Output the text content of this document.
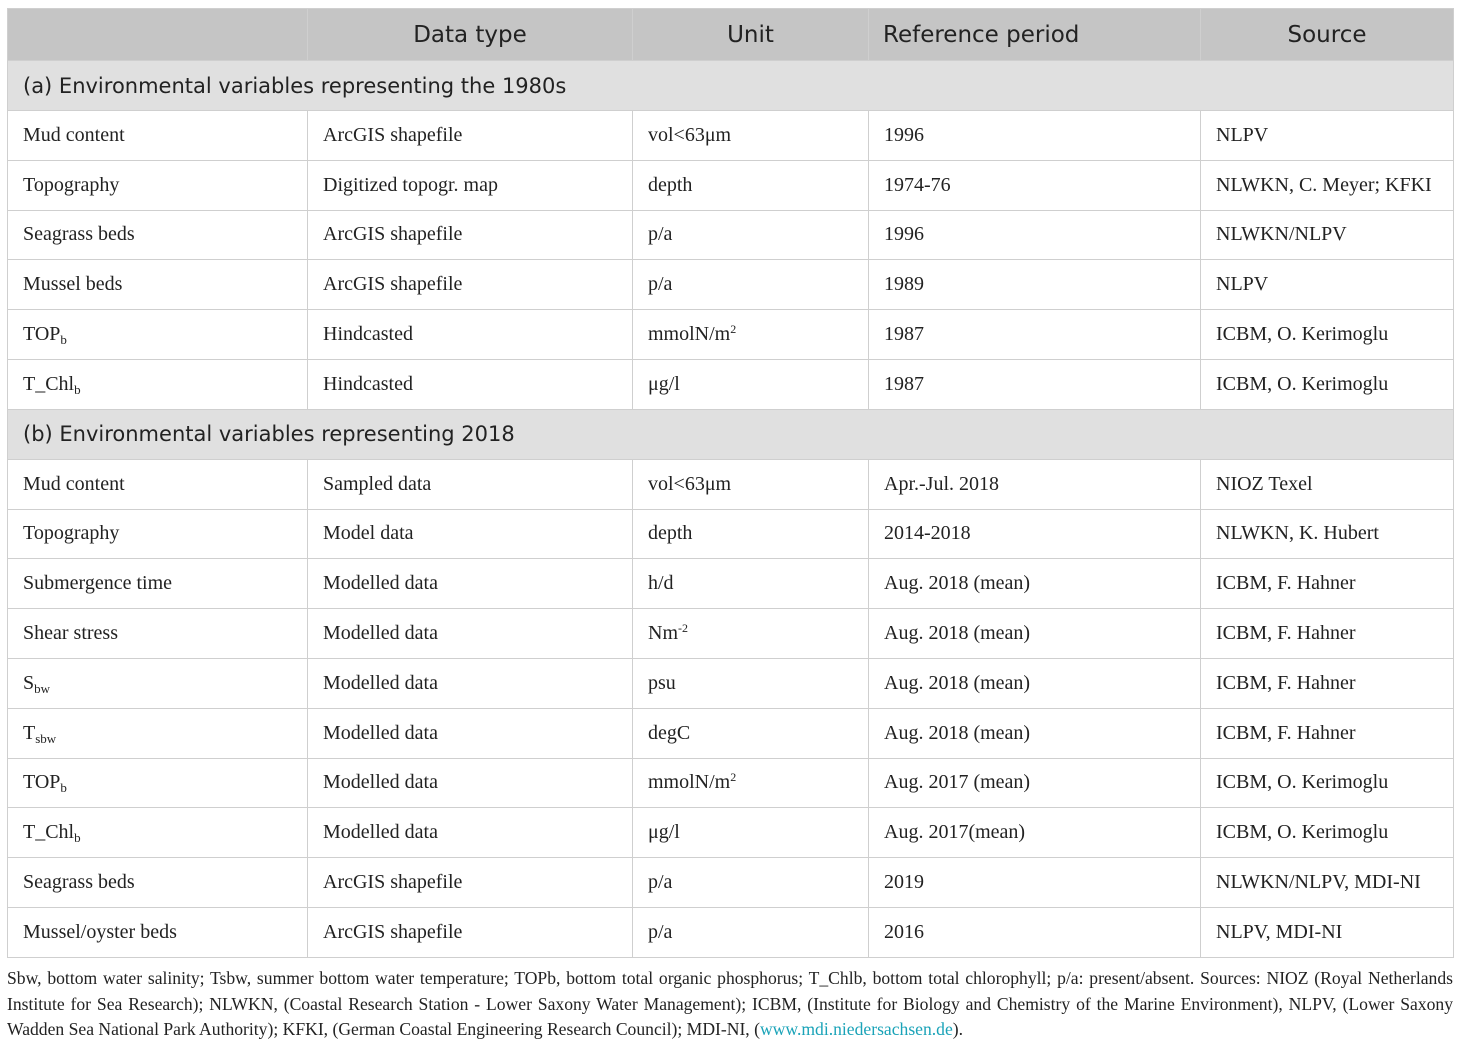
	Data type	Unit	Reference period	Source
(a) Environmental variables representing the 1980s				
Mud content	ArcGIS shapefile	vol<63μm	1996	NLPV
Topography	Digitized topogr. map	depth	1974-76	NLWKN, C. Meyer; KFKI
Seagrass beds	ArcGIS shapefile	p/a	1996	NLWKN/NLPV
Mussel beds	ArcGIS shapefile	p/a	1989	NLPV
$TOP_b$	Hindcasted	mmolN/$m^2$	1987	ICBM, O. Kerimoglu
T_Chl$_b$	Hindcasted	μg/l	1987	ICBM, O. Kerimoglu
(b) Environmental variables representing 2018				
Mud content	Sampled data	vol<63μm	Apr.-Jul. 2018	NIOZ Texel
Topography	Model data	depth	2014-2018	NLWKN, K. Hubert
Submergence time	Modelled data	h/d	Aug. 2018 (mean)	ICBM, F. Hahner
Shear stress	Modelled data	$Nm^{-2}$	Aug. 2018 (mean)	ICBM, F. Hahner
$S_{bw}$	Modelled data	psu	Aug. 2018 (mean)	ICBM, F. Hahner
$T_{sbw}$	Modelled data	degC	Aug. 2018 (mean)	ICBM, F. Hahner
$TOP_b$	Modelled data	mmolN/$m^2$	Aug. 2017 (mean)	ICBM, O. Kerimoglu
T_Chl$_b$	Modelled data	μg/l	Aug. 2017(mean)	ICBM, O. Kerimoglu
Seagrass beds	ArcGIS shapefile	p/a	2019	NLWKN/NLPV, MDI-NI
Mussel/oyster beds	ArcGIS shapefile	p/a	2016	NLPV, MDI-NI
Sbw, bottom water salinity; Tsbw, summer bottom water temperature; TOPb, bottom total organic phosphorus; T_Chlb, bottom total chlorophyll; p/a: present/absent. Sources: NIOZ (Royal Netherlands Institute for Sea Research); NLWKN, (Coastal Research Station - Lower Saxony Water Management); ICBM, (Institute for Biology and Chemistry of the Marine Environment), NLPV, (Lower Saxony Wadden Sea National Park Authority); KFKI, (German Coastal Engineering Research Council); MDI-NI, (www.mdi.niedersachsen.de).
